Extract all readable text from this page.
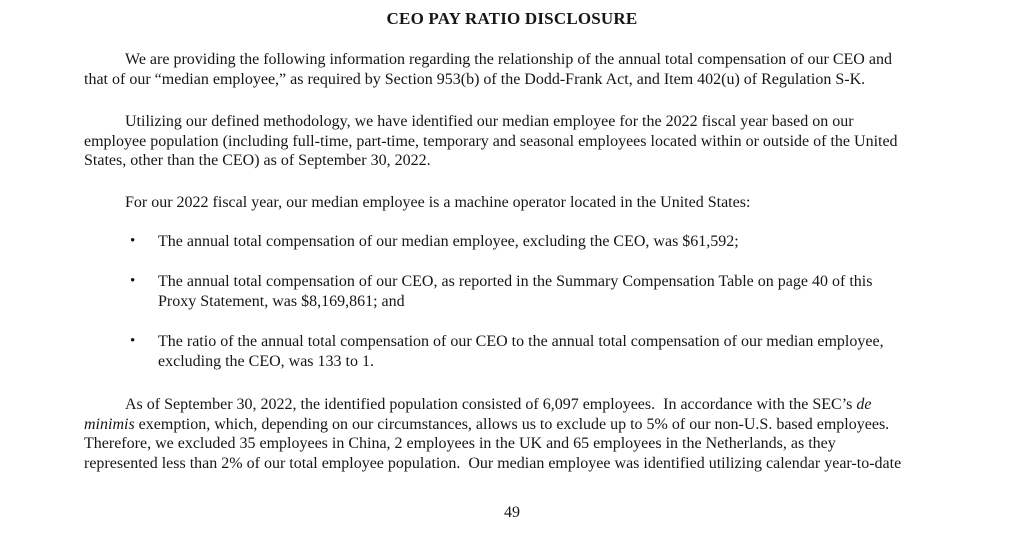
CEO PAY RATIO DISCLOSURE
We are providing the following information regarding the relationship of the annual total compensation of our CEO and
that of our “median employee,” as required by Section 953(b) of the Dodd-Frank Act, and Item 402(u) of Regulation S-K.
Utilizing our defined methodology, we have identified our median employee for the 2022 fiscal year based on our
employee population (including full-time, part-time, temporary and seasonal employees located within or outside of the United
States, other than the CEO) as of September 30, 2022.
For our 2022 fiscal year, our median employee is a machine operator located in the United States:
• The annual total compensation of our median employee, excluding the CEO, was $61,592;
• The annual total compensation of our CEO, as reported in the Summary Compensation Table on page 40 of this
Proxy Statement, was $8,169,861; and
• The ratio of the annual total compensation of our CEO to the annual total compensation of our median employee,
excluding the CEO, was 133 to 1.
As of September 30, 2022, the identified population consisted of 6,097 employees.  In accordance with the SEC’s de
minimis exemption, which, depending on our circumstances, allows us to exclude up to 5% of our non-U.S. based employees.
Therefore, we excluded 35 employees in China, 2 employees in the UK and 65 employees in the Netherlands, as they
represented less than 2% of our total employee population.  Our median employee was identified utilizing calendar year-to-date
49
